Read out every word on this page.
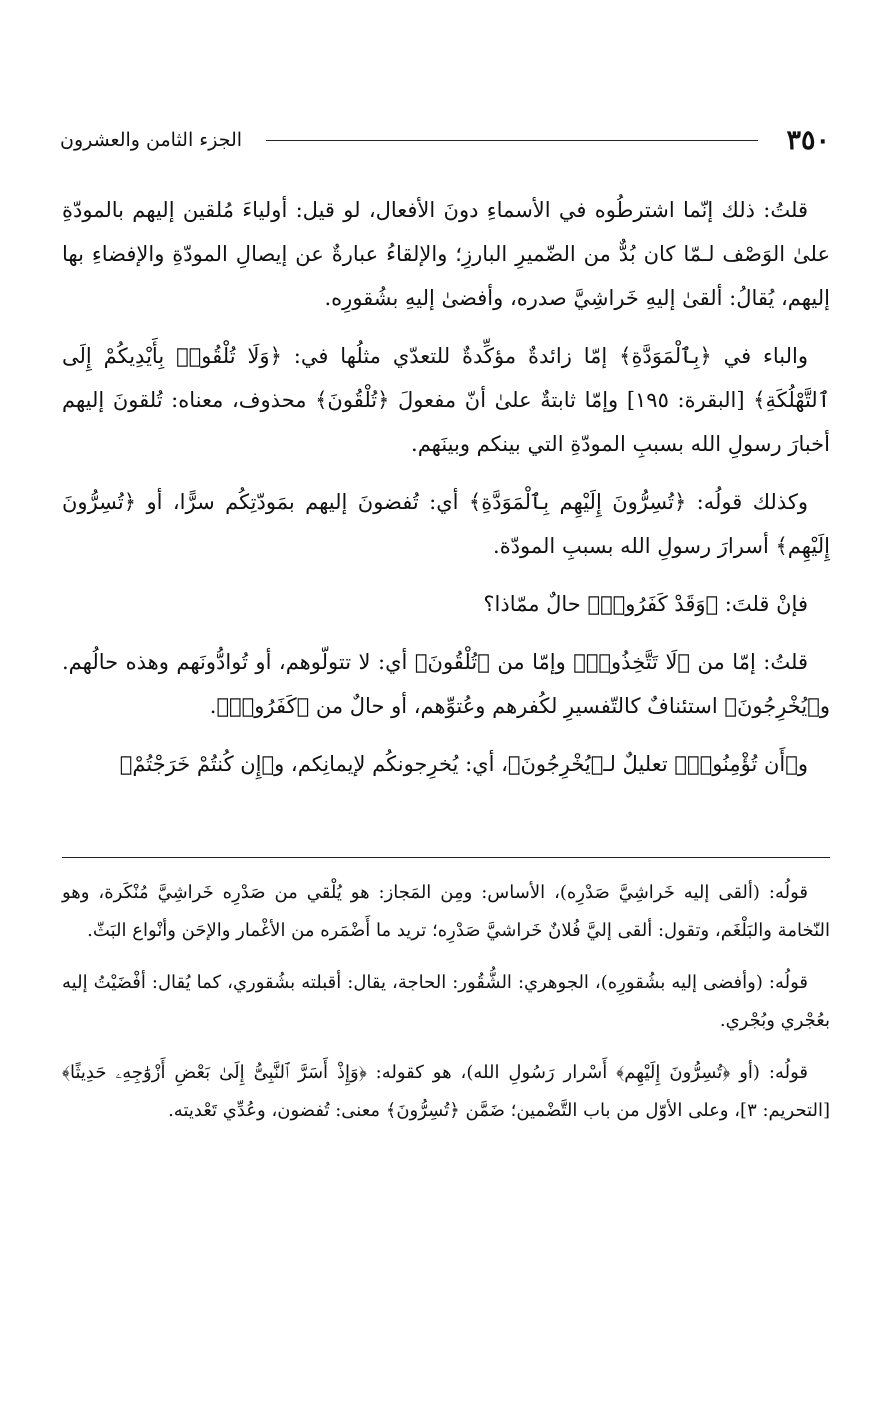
٣٥٠
الجزء الثامن والعشرون

قلتُ: ذلك إنّما اشترطُوه في الأسماءِ دونَ الأفعال، لو قيل: أولياءَ مُلقين إليهم بالمودّةِ علىٰ الوَصْف لـمّا كان بُدٌّ من الضّميرِ البارزِ؛ والإلقاءُ عبارةٌ عن إيصالِ المودّةِ والإفضاءِ بها إليهم، يُقالُ: ألقىٰ إليهِ خَراشِيَّ صدره، وأفضىٰ إليهِ بشُقورِه.

والباء في ﴿بِٱلْمَوَدَّةِ﴾ إمّا زائدةٌ مؤكِّدةٌ للتعدّي مثلُها في: ﴿وَلَا تُلْقُوا۟ بِأَيْدِيكُمْ إِلَى ٱلتَّهْلُكَةِ﴾ [البقرة: ١٩٥] وإمّا ثابتةٌ علىٰ أنّ مفعولَ ﴿تُلْقُونَ﴾ محذوف، معناه: تُلقونَ إليهم أخبارَ رسولِ الله بسببِ المودّةِ التي بينكم وبينَهم.

وكذلك قولُه: ﴿تُسِرُّونَ إِلَيْهِم بِٱلْمَوَدَّةِ﴾ أي: تُفضونَ إليهم بمَودّتِكُم سرًّا، أو ﴿تُسِرُّونَ إِلَيْهِم﴾ أسرارَ رسولِ الله بسببِ المودّة.

فإنْ قلتَ: ﴿وَقَدْ كَفَرُوا۟﴾ حالٌ ممّاذا؟

قلتُ: إمّا من ﴿لَا تَتَّخِذُوا۟﴾ وإمّا من ﴿تُلْقُونَ﴾ أي: لا تتولّوهم، أو تُوادُّونَهم وهذه حالُهم. و﴿يُخْرِجُونَ﴾ استئنافٌ كالتّفسيرِ لكُفرهم وعُتوِّهم، أو حالٌ من ﴿كَفَرُوا۟﴾.

و﴿أَن تُؤْمِنُوا۟﴾ تعليلٌ لـ﴿يُخْرِجُونَ﴾، أي: يُخرِجونكُم لإيمانِكم، و﴿إِن كُنتُمْ خَرَجْتُمْ﴾

قولُه: (ألقى إليه خَراشِيَّ صَدْرِه)، الأساس: ومِن المَجاز: هو يُلْقي من صَدْرِه خَراشِيَّ مُنْكَرة، وهو النّخامة والبَلْغَم، وتقول: ألقى إليَّ فُلانٌ خَراشيَّ صَدْرِه؛ تريد ما أَضْمَره من الأغْمار والإحَن وأنْواع البَثّ.

قولُه: (وأفضى إليه بشُقورِه)، الجوهري: الشُّقُور: الحاجة، يقال: أقبلته بشُقوري، كما يُقال: أفْضَيْتُ إليه بعُجْري وبُجْري.

قولُه: (أو ﴿تُسِرُّونَ إِلَيْهِم﴾ أَسْرار رَسُولِ الله)، هو كقوله: ﴿وَإِذْ أَسَرَّ ٱلنَّبِىُّ إِلَىٰ بَعْضِ أَزْوَٰجِهِۦ حَدِيثًا﴾ [التحريم: ٣]، وعلى الأوّل من باب التَّضْمين؛ ضَمَّن ﴿تُسِرُّونَ﴾ معنى: تُفضون، وعُدِّي تَعْديته.
